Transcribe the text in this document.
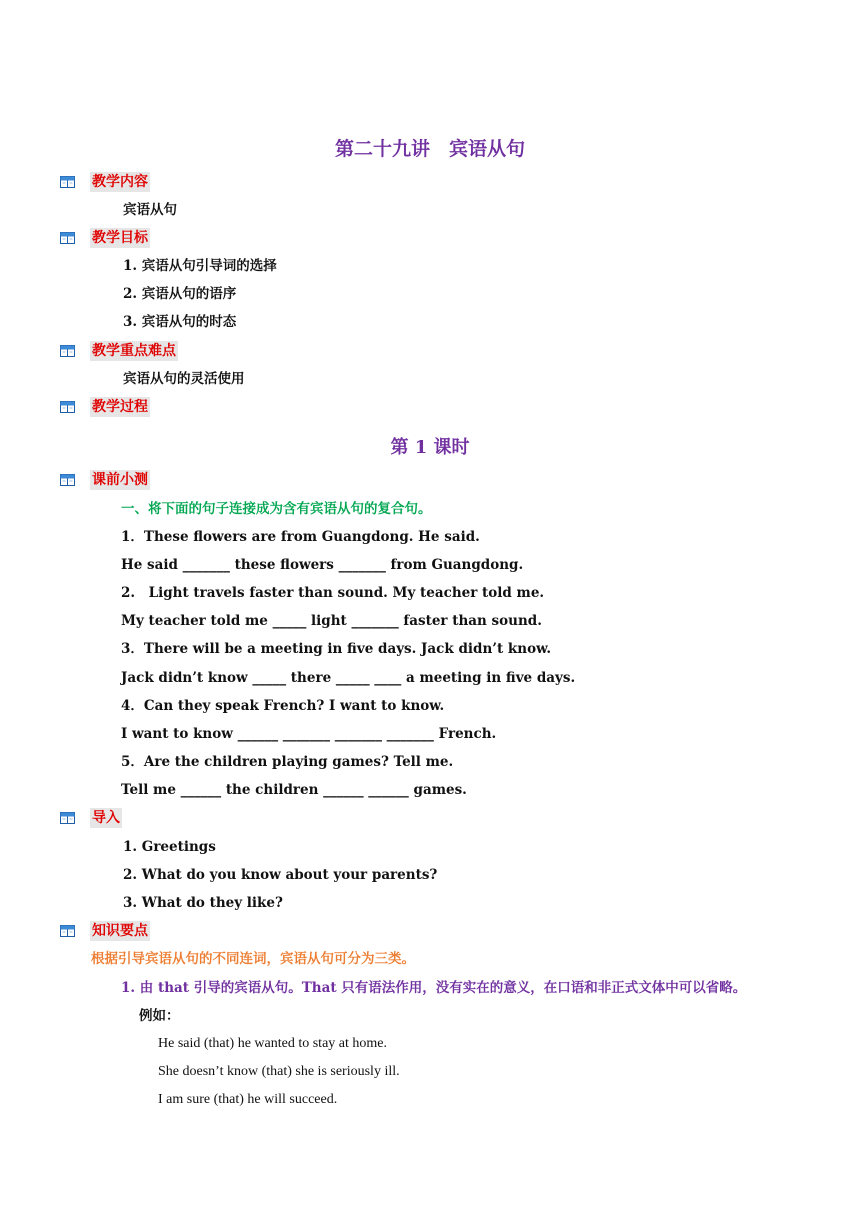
第二十九讲　宾语从句
教学内容
宾语从句
教学目标
1. 宾语从句引导词的选择
2. 宾语从句的语序
3. 宾语从句的时态
教学重点难点
宾语从句的灵活使用
教学过程
第 1 课时
课前小测
一、将下面的句子连接成为含有宾语从句的复合句。
1．These flowers are from Guangdong. He said.
He said _______ these flowers _______ from Guangdong.
2.　Light travels faster than sound. My teacher told me.
My teacher told me _____ light _______ faster than sound.
3．There will be a meeting in five days. Jack didn’t know.
Jack didn’t know _____ there _____ ____ a meeting in five days.
4．Can they speak French? I want to know.
I want to know ______ _______ _______ _______ French.
5．Are the children playing games? Tell me.
Tell me ______ the children ______ ______ games.
导入
1. Greetings
2. What do you know about your parents?
3. What do they like?
知识要点
根据引导宾语从句的不同连词，宾语从句可分为三类。
1. 由 that 引导的宾语从句。That 只有语法作用，没有实在的意义，在口语和非正式文体中可以省略。
例如：
He said (that) he wanted to stay at home.
She doesn’t know (that) she is seriously ill.
I am sure (that) he will succeed.
